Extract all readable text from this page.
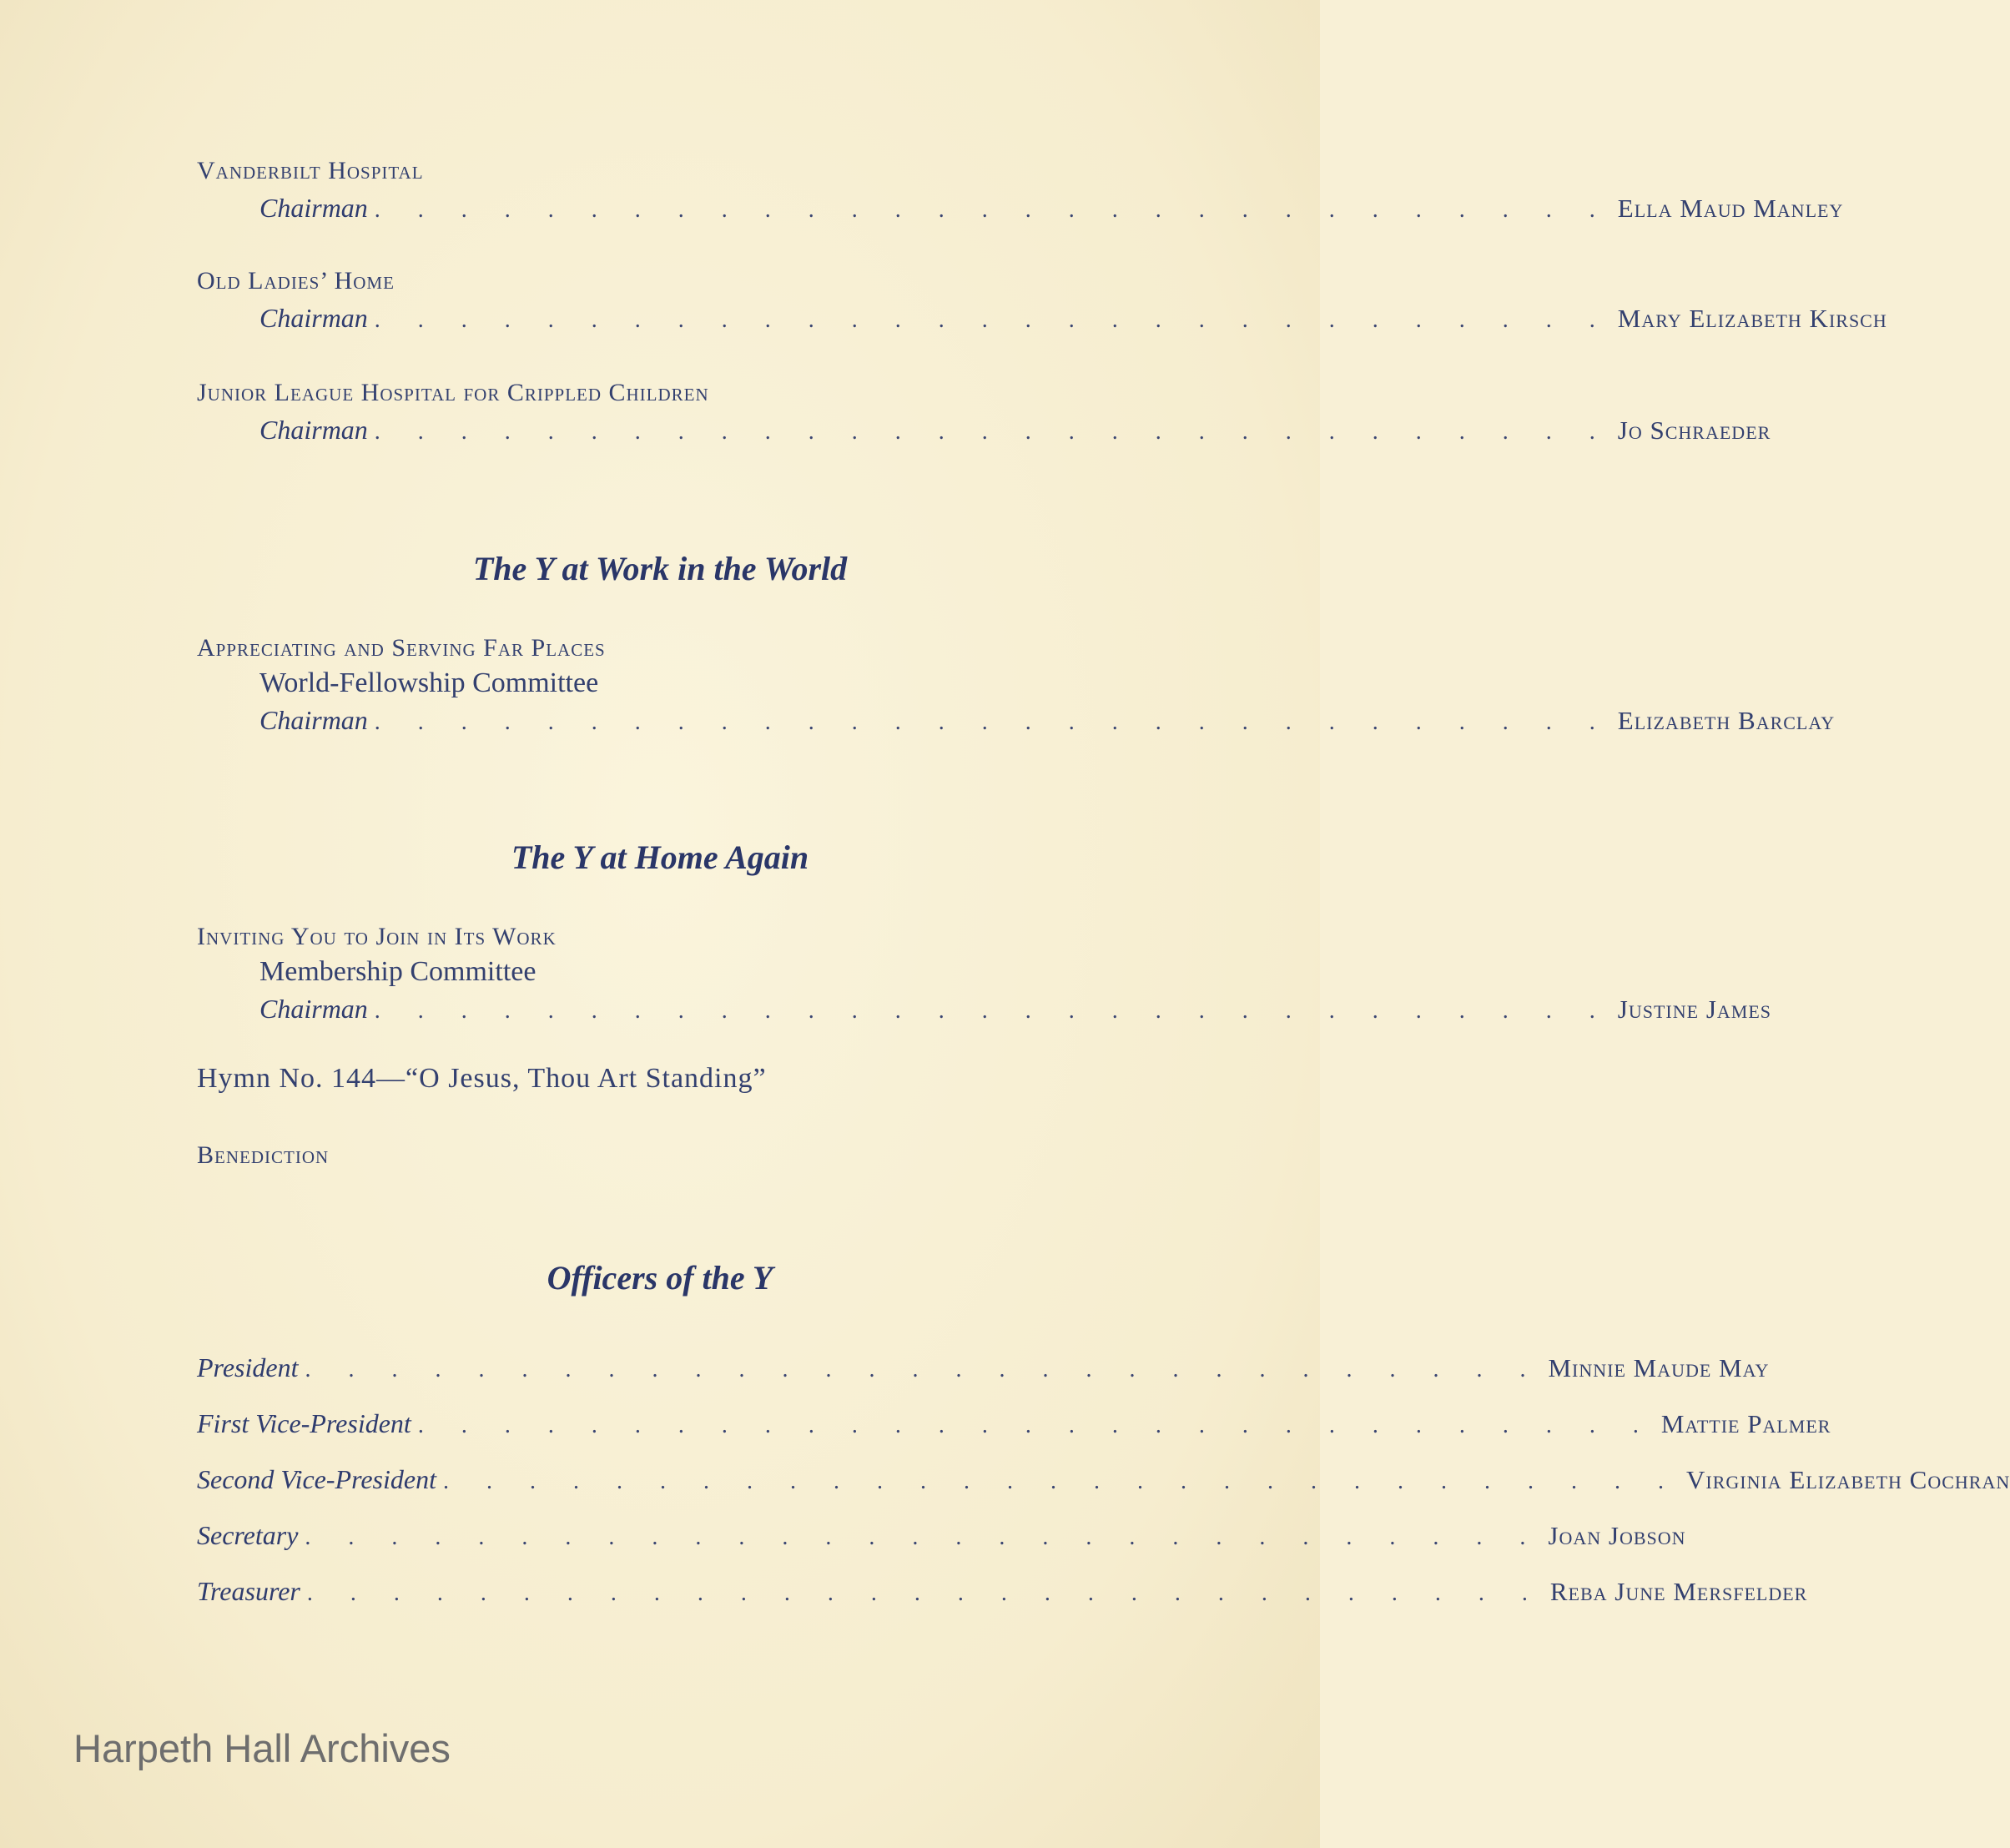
Vanderbilt Hospital
Chairman . . . . . . . . . . . . . . . . . . . . . . . . . . . . . Ella Maud Manley
Old Ladies’ Home
Chairman . . . . . . . . . . . . . . . . . . . . . . . . . . . . . Mary Elizabeth Kirsch
Junior League Hospital for Crippled Children
Chairman . . . . . . . . . . . . . . . . . . . . . . . . . . . . . Jo Schraeder
The Y at Work in the World
Appreciating and Serving Far Places
World-Fellowship Committee
Chairman . . . . . . . . . . . . . . . . . . . . . . . . . . . . . Elizabeth Barclay
The Y at Home Again
Inviting You to Join in Its Work
Membership Committee
Chairman . . . . . . . . . . . . . . . . . . . . . . . . . . . . . Justine James
Hymn No. 144—“O Jesus, Thou Art Standing”
Benediction
Officers of the Y
President . . . . . . . . . . . . . . . . . . . . . . . . . . . . . Minnie Maude May
First Vice-President . . . . . . . . . . . . . . . . . . . . . . . . . . . . . Mattie Palmer
Second Vice-President . . . . . . . . . . . . . . . . . . . . . . . . . . . . . Virginia Elizabeth Cochran
Secretary . . . . . . . . . . . . . . . . . . . . . . . . . . . . . Joan Jobson
Treasurer . . . . . . . . . . . . . . . . . . . . . . . . . . . . . Reba June Mersfelder
Harpeth Hall Archives
